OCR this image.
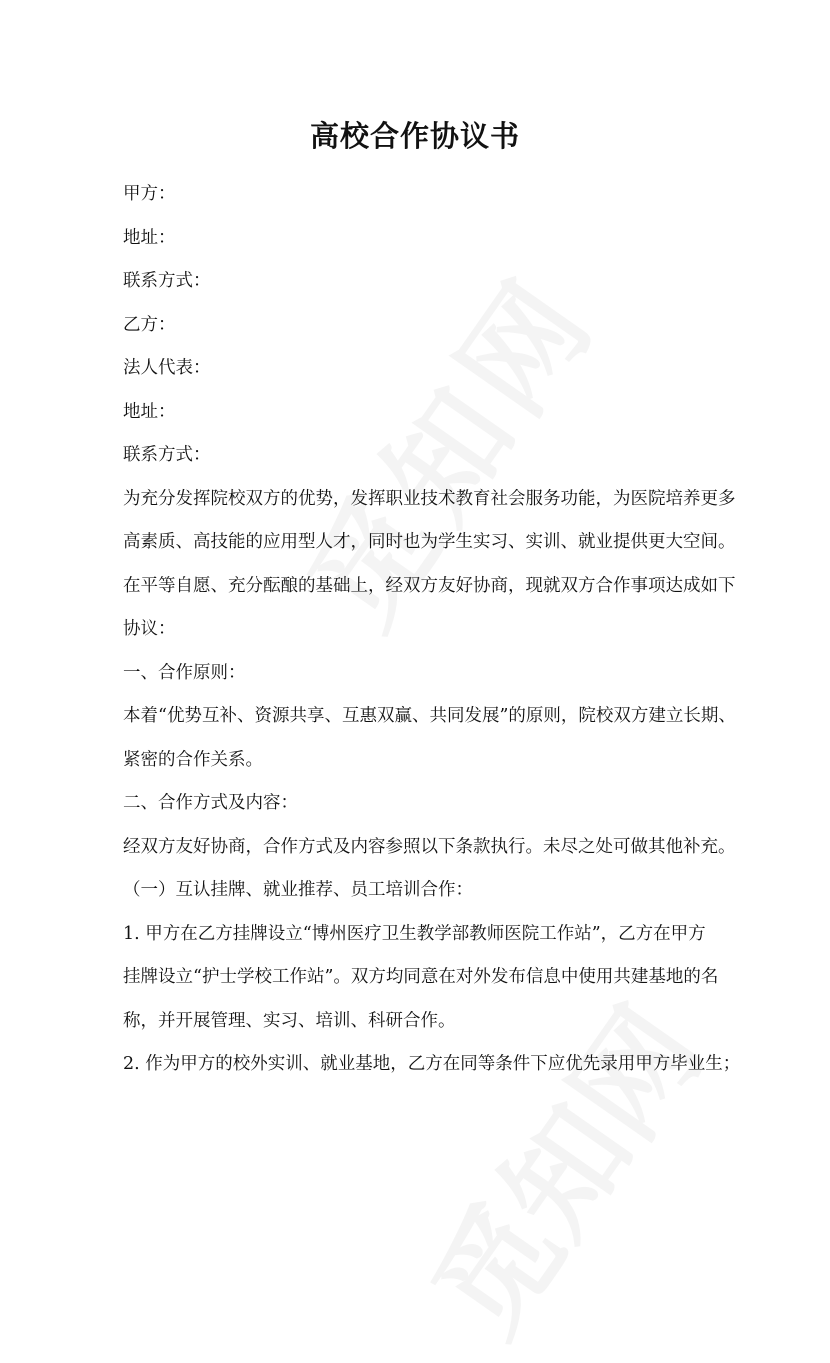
高校合作协议书
甲方：
地址：
联系方式：
乙方：
法人代表：
地址：
联系方式：
为充分发挥院校双方的优势，发挥职业技术教育社会服务功能，为医院培养更多
高素质、高技能的应用型人才，同时也为学生实习、实训、就业提供更大空间。
在平等自愿、充分酝酿的基础上，经双方友好协商，现就双方合作事项达成如下
协议：
一、合作原则：
本着“优势互补、资源共享、互惠双赢、共同发展”的原则，院校双方建立长期、
紧密的合作关系。
二、合作方式及内容：
经双方友好协商，合作方式及内容参照以下条款执行。未尽之处可做其他补充。
（一）互认挂牌、就业推荐、员工培训合作：
1. 甲方在乙方挂牌设立“博州医疗卫生教学部教师医院工作站”，乙方在甲方
挂牌设立“护士学校工作站”。双方均同意在对外发布信息中使用共建基地的名
称，并开展管理、实习、培训、科研合作。
2. 作为甲方的校外实训、就业基地，乙方在同等条件下应优先录用甲方毕业生；
